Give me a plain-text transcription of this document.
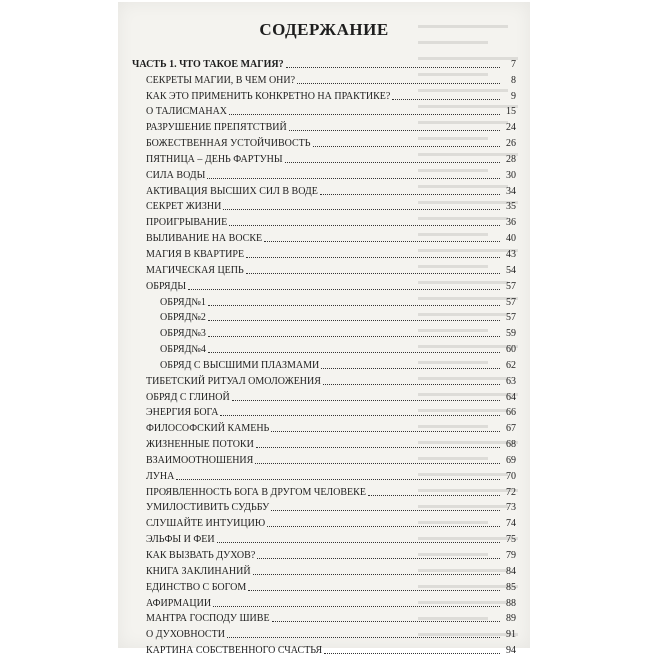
СОДЕРЖАНИЕ
ЧАСТЬ 1. ЧТО ТАКОЕ МАГИЯ?	7
СЕКРЕТЫ МАГИИ, В ЧЕМ ОНИ?	8
КАК ЭТО ПРИМЕНИТЬ КОНКРЕТНО НА ПРАКТИКЕ?	9
О ТАЛИСМАНАХ	15
РАЗРУШЕНИЕ ПРЕПЯТСТВИЙ	24
БОЖЕСТВЕННАЯ УСТОЙЧИВОСТЬ	26
ПЯТНИЦА – ДЕНЬ ФАРТУНЫ	28
СИЛА ВОДЫ	30
АКТИВАЦИЯ ВЫСШИХ СИЛ В ВОДЕ	34
СЕКРЕТ ЖИЗНИ	35
ПРОИГРЫВАНИЕ	36
ВЫЛИВАНИЕ НА ВОСКЕ	40
МАГИЯ В КВАРТИРЕ	43
МАГИЧЕСКАЯ ЦЕПЬ	54
ОБРЯДЫ	57
ОБРЯД№1	57
ОБРЯД№2	57
ОБРЯД№3	59
ОБРЯД№4	60
ОБРЯД С ВЫСШИМИ ПЛАЗМАМИ	62
ТИБЕТСКИЙ РИТУАЛ ОМОЛОЖЕНИЯ	63
ОБРЯД С ГЛИНОЙ	64
ЭНЕРГИЯ БОГА	66
ФИЛОСОФСКИЙ КАМЕНЬ	67
ЖИЗНЕННЫЕ ПОТОКИ	68
ВЗАИМООТНОШЕНИЯ	69
ЛУНА	70
ПРОЯВЛЕННОСТЬ БОГА В ДРУГОМ ЧЕЛОВЕКЕ	72
УМИЛОСТИВИТЬ СУДЬБУ	73
СЛУШАЙТЕ ИНТУИЦИЮ	74
ЭЛЬФЫ И ФЕИ	75
КАК ВЫЗВАТЬ ДУХОВ?	79
КНИГА ЗАКЛИНАНИЙ	84
ЕДИНСТВО С БОГОМ	85
АФИРМАЦИИ	88
МАНТРА ГОСПОДУ ШИВЕ	89
О ДУХОВНОСТИ	91
КАРТИНА СОБСТВЕННОГО СЧАСТЬЯ	94
